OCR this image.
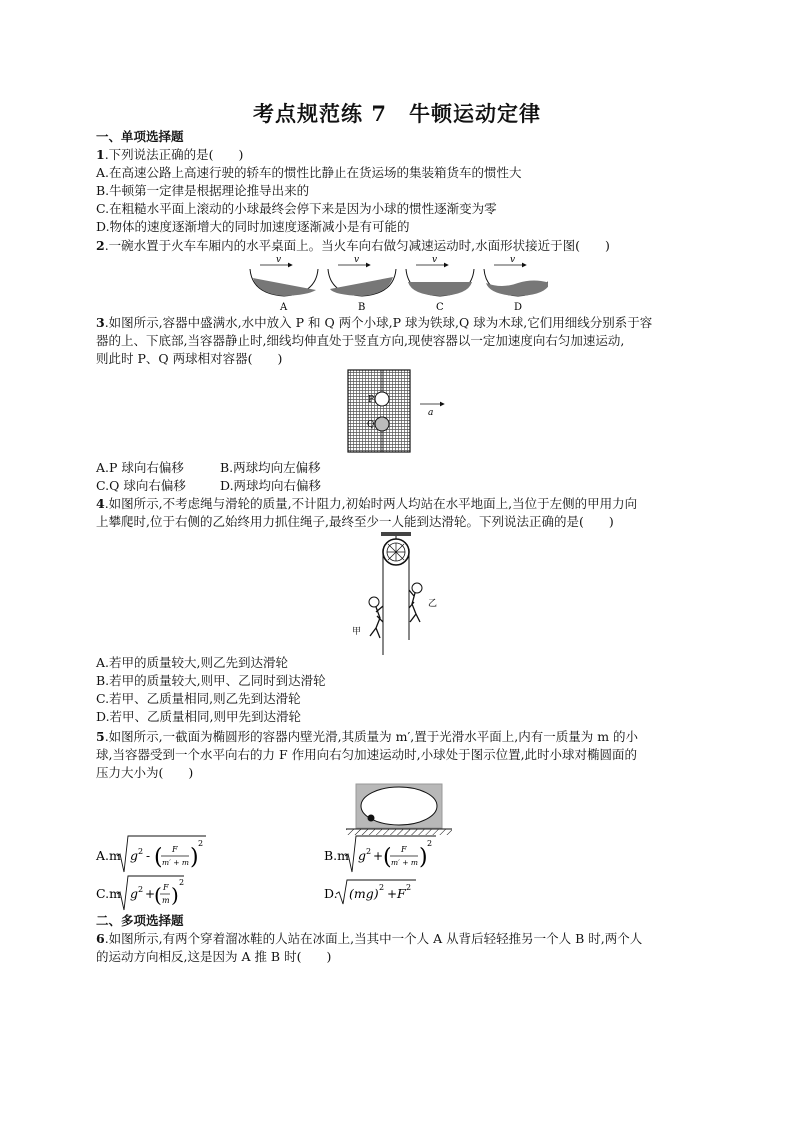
考点规范练 7　牛顿运动定律
一、单项选择题
1.下列说法正确的是(　　)
A.在高速公路上高速行驶的轿车的惯性比静止在货运场的集装箱货车的惯性大
B.牛顿第一定律是根据理论推导出来的
C.在粗糙水平面上滚动的小球最终会停下来是因为小球的惯性逐渐变为零
D.物体的速度逐渐增大的同时加速度逐渐减小是有可能的
2.一碗水置于火车车厢内的水平桌面上。当火车向右做匀减速运动时,水面形状接近于图(　　)
v
A
v
B
v
C
v
D
3.如图所示,容器中盛满水,水中放入 P 和 Q 两个小球,P 球为铁球,Q 球为木球,它们用细线分别系于容
器的上、下底部,当容器静止时,细线均伸直处于竖直方向,现使容器以一定加速度向右匀加速运动,
则此时 P、Q 两球相对容器(　　)
P
Q
a
A.P 球向右偏移	B.两球均向左偏移
C.Q 球向右偏移	D.两球均向右偏移
4.如图所示,不考虑绳与滑轮的质量,不计阻力,初始时两人均站在水平地面上,当位于左侧的甲用力向
上攀爬时,位于右侧的乙始终用力抓住绳子,最终至少一人能到达滑轮。下列说法正确的是(　　)
甲
乙
A.若甲的质量较大,则乙先到达滑轮
B.若甲的质量较大,则甲、乙同时到达滑轮
C.若甲、乙质量相同,则乙先到达滑轮
D.若甲、乙质量相同,则甲先到达滑轮
5.如图所示,一截面为椭圆形的容器内壁光滑,其质量为 m′,置于光滑水平面上,内有一质量为 m 的小
球,当容器受到一个水平向右的力 F 作用向右匀加速运动时,小球处于图示位置,此时小球对椭圆面的
压力大小为(　　)
A.m g 2 - ( F
m′ + m )
2
B.m g 2 + ( F
m′ + m )
2
C.m g 2 +
( F
m )
2
D. (mg) 2 + F 2
二、多项选择题
6.如图所示,有两个穿着溜冰鞋的人站在冰面上,当其中一个人 A 从背后轻轻推另一个人 B 时,两个人
的运动方向相反,这是因为 A 推 B 时(　　)
